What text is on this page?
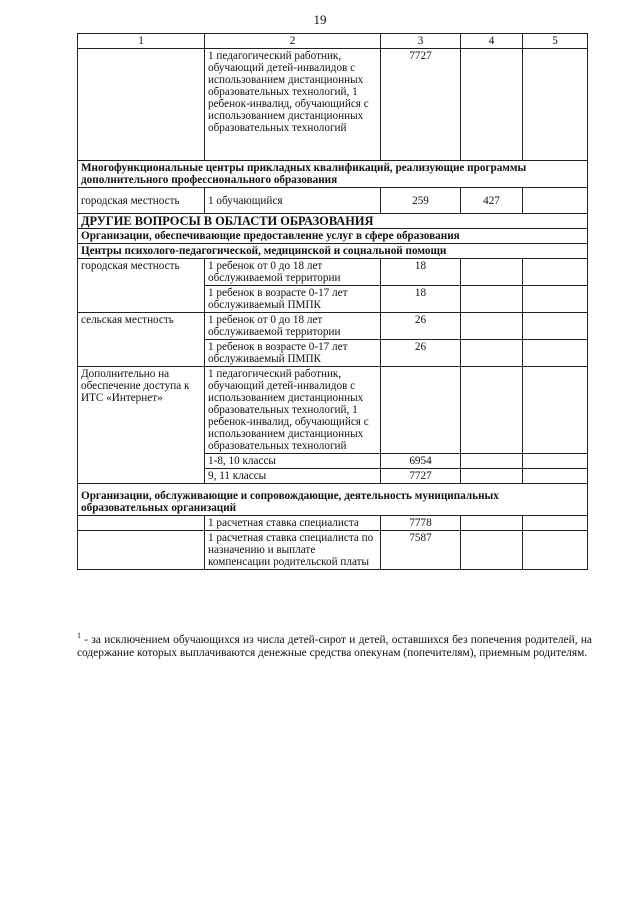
19
1	2	3	4	5
	1 педагогический работник, обучающий детей-инвалидов с использованием дистанционных образовательных технологий, 1 ребенок-инвалид, обучающийся с использованием дистанционных образовательных технологий	7727		
Многофункциональные центры прикладных квалификаций, реализующие программы дополнительного профессионального образования				
городская местность	1 обучающийся	259	427	
ДРУГИЕ ВОПРОСЫ В ОБЛАСТИ ОБРАЗОВАНИЯ				
Организации, обеспечивающие предоставление услуг в сфере образования				
Центры психолого-педагогической, медицинской и социальной помощи				
городская местность	1 ребенок от 0 до 18 лет обслуживаемой территории	18		
	1 ребенок в возрасте 0-17 лет обслуживаемый ПМПК	18		
сельская местность	1 ребенок от 0 до 18 лет обслуживаемой территории	26		
	1 ребенок в возрасте 0-17 лет обслуживаемый ПМПК	26		
Дополнительно на обеспечение доступа к ИТС «Интернет»	1 педагогический работник, обучающий детей-инвалидов с использованием дистанционных образовательных технологий, 1 ребенок-инвалид, обучающийся с использованием дистанционных образовательных технологий			
	1-8, 10 классы	6954		
	9, 11 классы	7727		
Организации, обслуживающие и сопровождающие, деятельность муниципальных образовательных организаций				
	1 расчетная ставка специалиста	7778		
	1 расчетная ставка специалиста по назначению и выплате компенсации родительской платы	7587		
$^1$ - за исключением обучающихся из числа детей-сирот и детей, оставшихся без попечения родителей, на содержание которых выплачиваются денежные средства опекунам (попечителям), приемным родителям.
